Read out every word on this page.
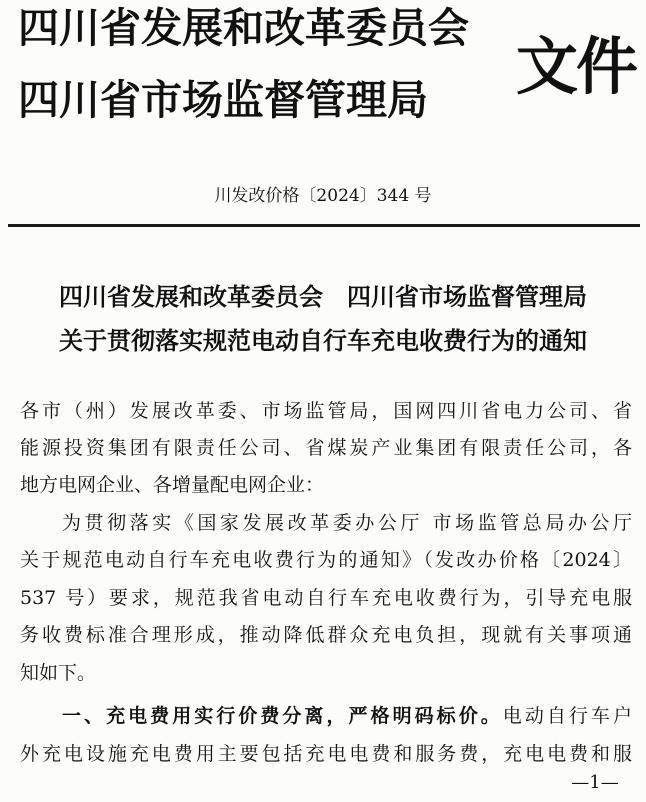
四川省发展和改革委员会
四川省市场监督管理局 文件
川发改价格〔2024〕344 号
四川省发展和改革委员会　四川省市场监督管理局
关于贯彻落实规范电动自行车充电收费行为的通知
各市（州）发展改革委、市场监管局，国网四川省电力公司、省
能源投资集团有限责任公司、省煤炭产业集团有限责任公司，各
地方电网企业、各增量配电网企业：
为贯彻落实《国家发展改革委办公厅 市场监管总局办公厅
关于规范电动自行车充电收费行为的通知》（发改办价格〔2024〕
537 号）要求，规范我省电动自行车充电收费行为，引导充电服
务收费标准合理形成，推动降低群众充电负担，现就有关事项通
知如下。
一、充电费用实行价费分离，严格明码标价。电动自行车户
外充电设施充电费用主要包括充电电费和服务费，充电电费和服
—1—
